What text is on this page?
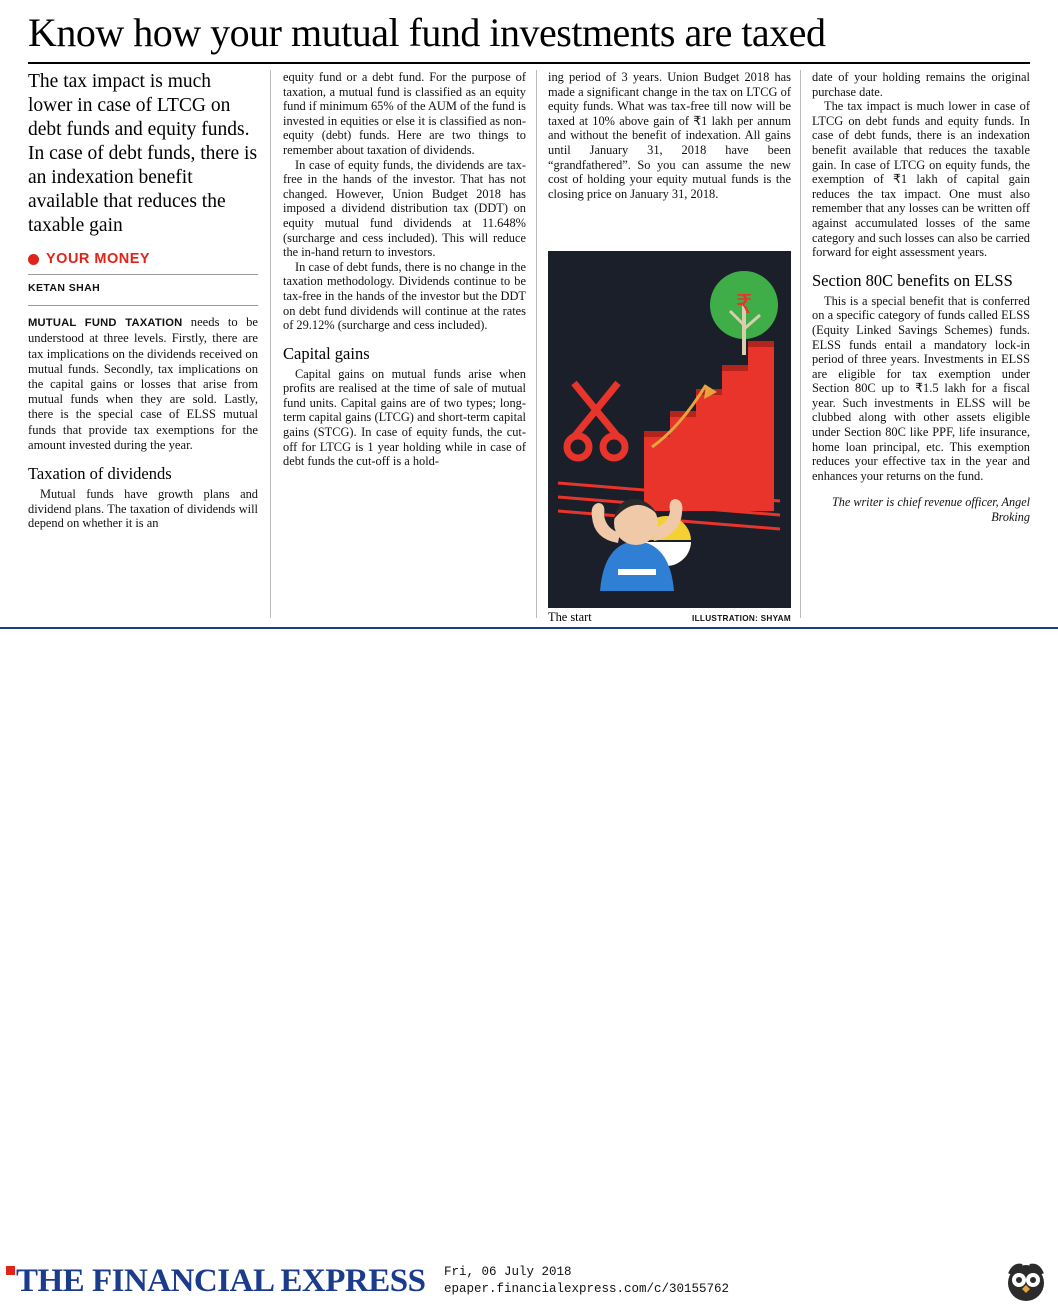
Know how your mutual fund investments are taxed
The tax impact is much lower in case of LTCG on debt funds and equity funds. In case of debt funds, there is an indexation benefit available that reduces the taxable gain
YOUR MONEY
KETAN SHAH

MUTUAL FUND TAXATION needs to be understood at three levels. Firstly, there are tax implications on the dividends received on mutual funds. Secondly, tax implications on the capital gains or losses that arise from mutual funds when they are sold. Lastly, there is the special case of ELSS mutual funds that provide tax exemptions for the amount invested during the year.

Taxation of dividends

Mutual funds have growth plans and dividend plans. The taxation of dividends will depend on whether it is an

equity fund or a debt fund. For the purpose of taxation, a mutual fund is classified as an equity fund if minimum 65% of the AUM of the fund is invested in equities or else it is classified as non-equity (debt) funds. Here are two things to remember about taxation of dividends.

In case of equity funds, the dividends are tax-free in the hands of the investor. That has not changed. However, Union Budget 2018 has imposed a dividend distribution tax (DDT) on equity mutual fund dividends at 11.648% (surcharge and cess included). This will reduce the in-hand return to investors.

In case of debt funds, there is no change in the taxation methodology. Dividends continue to be tax-free in the hands of the investor but the DDT on debt fund dividends will continue at the rates of 29.12% (surcharge and cess included).

Capital gains

Capital gains on mutual funds arise when profits are realised at the time of sale of mutual fund units. Capital gains are of two types; long-term capital gains (LTCG) and short-term capital gains (STCG). In case of equity funds, the cut-off for LTCG is 1 year holding while in case of debt funds the cut-off is a hold-

ing period of 3 years. Union Budget 2018 has made a significant change in the tax on LTCG of equity funds. What was tax-free till now will be taxed at 10% above gain of ₹1 lakh per annum and without the benefit of indexation. All gains until January 31, 2018 have been “grandfathered”. So you can assume the new cost of holding your equity mutual funds is the closing price on January 31, 2018.

₹
The start	ILLUSTRATION: SHYAM

date of your holding remains the original purchase date.

The tax impact is much lower in case of LTCG on debt funds and equity funds. In case of debt funds, there is an indexation benefit available that reduces the taxable gain. In case of LTCG on equity funds, the exemption of ₹1 lakh of capital gain reduces the tax impact. One must also remember that any losses can be written off against accumulated losses of the same category and such losses can also be carried forward for eight assessment years.

Section 80C benefits on ELSS

This is a special benefit that is conferred on a specific category of funds called ELSS (Equity Linked Savings Schemes) funds. ELSS funds entail a mandatory lock-in period of three years. Investments in ELSS are eligible for tax exemption under Section 80C up to ₹1.5 lakh for a fiscal year. Such investments in ELSS will be clubbed along with other assets eligible under Section 80C like PPF, life insurance, home loan principal, etc. This exemption reduces your effective tax in the year and enhances your returns on the fund.

The writer is chief revenue officer, Angel Broking
THE FINANCIAL EXPRESS Fri, 06 July 2018
epaper.financialexpress.com/c/30155762
